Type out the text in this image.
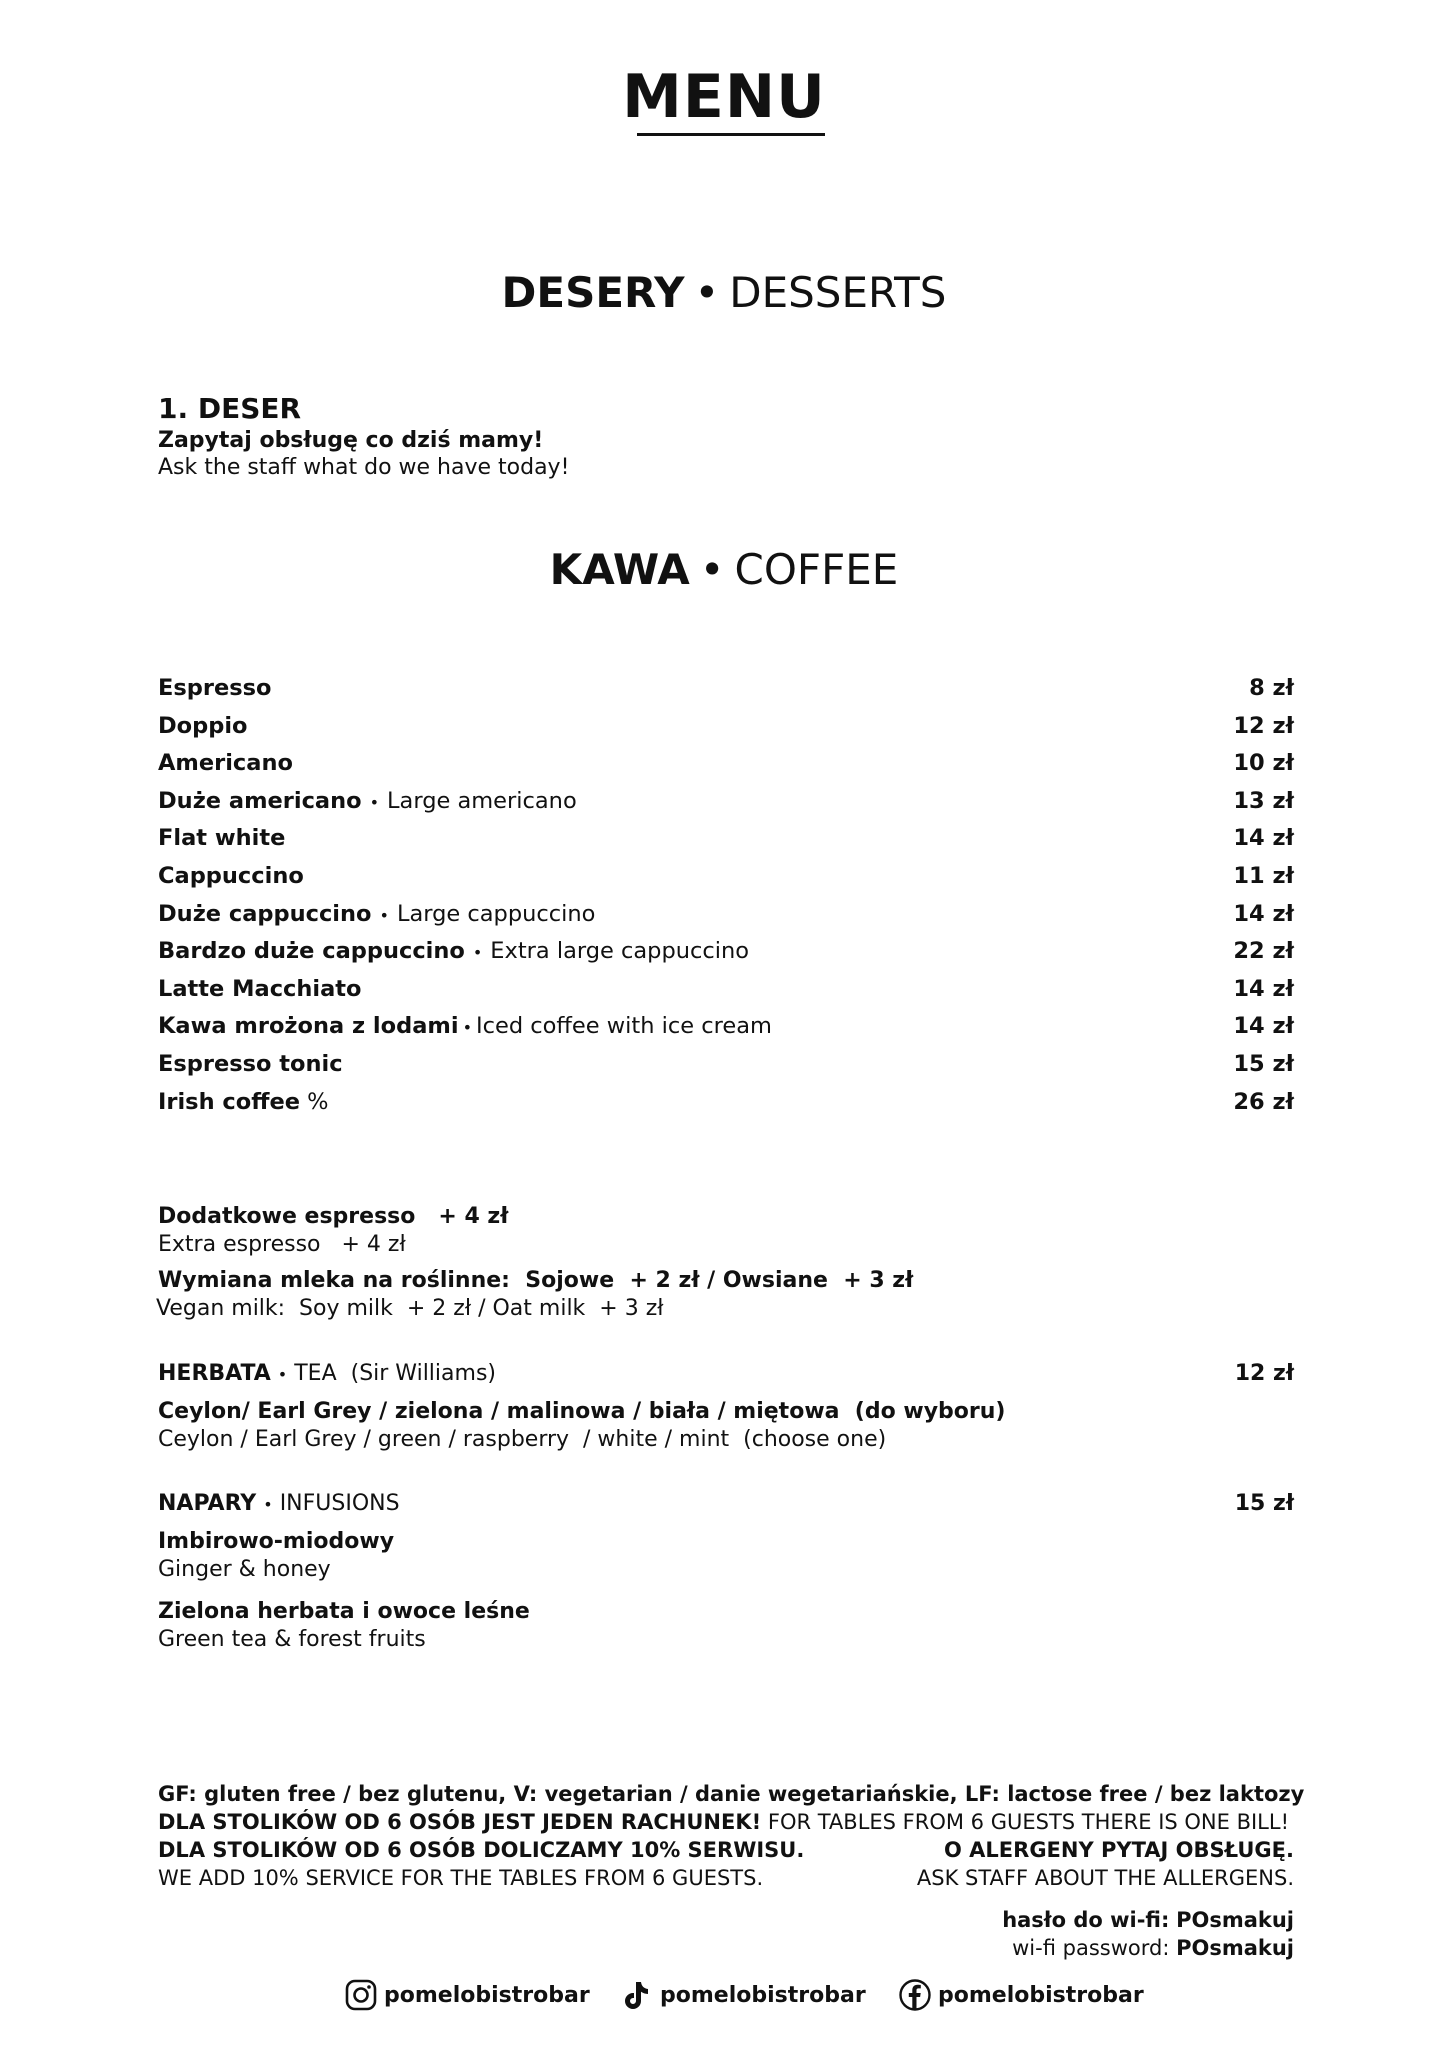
MENU
DESERY • DESSERTS
1. DESER
Zapytaj obsługę co dziś mamy!
Ask the staff what do we have today!
KAWA • COFFEE
Espresso	8 zł
Doppio	12 zł
Americano	10 zł
Duże americano • Large americano	13 zł
Flat white	14 zł
Cappuccino	11 zł
Duże cappuccino • Large cappuccino	14 zł
Bardzo duże cappuccino • Extra large cappuccino	22 zł
Latte Macchiato	14 zł
Kawa mrożona z lodami • Iced coffee with ice cream	14 zł
Espresso tonic	15 zł
Irish coffee %	26 zł
Dodatkowe espresso   + 4 zł
Extra espresso   + 4 zł
Wymiana mleka na roślinne:  Sojowe  + 2 zł / Owsiane  + 3 zł
Vegan milk:  Soy milk  + 2 zł / Oat milk  + 3 zł
HERBATA • TEA  (Sir Williams)	12 zł
Ceylon/ Earl Grey / zielona / malinowa / biała / miętowa  (do wyboru)
Ceylon / Earl Grey / green / raspberry  / white / mint  (choose one)
NAPARY • INFUSIONS	15 zł
Imbirowo-miodowy
Ginger & honey
Zielona herbata i owoce leśne
Green tea & forest fruits
GF: gluten free / bez glutenu, V: vegetarian / danie wegetariańskie, LF: lactose free / bez laktozy
DLA STOLIKÓW OD 6 OSÓB JEST JEDEN RACHUNEK! FOR TABLES FROM 6 GUESTS THERE IS ONE BILL!
DLA STOLIKÓW OD 6 OSÓB DOLICZAMY 10% SERWISU.
WE ADD 10% SERVICE FOR THE TABLES FROM 6 GUESTS.
O ALERGENY PYTAJ OBSŁUGĘ.
ASK STAFF ABOUT THE ALLERGENS.
hasło do wi-fi: POsmakuj
wi-fi password: POsmakuj
pomelobistrobar	pomelobistrobar	pomelobistrobar
